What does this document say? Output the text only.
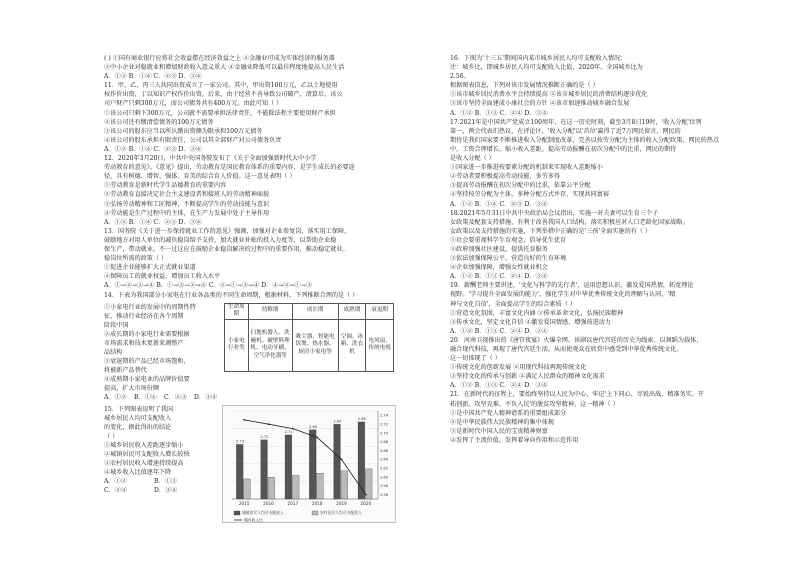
( ) ①国有商业银行应将社会效益摆在经济效益之上 ②金融业可成为实体经济的服务器
③中小企业对稳就业和增加财政收入意义重大 ④金融业降低可以最佳程度地提高人民生活
A．①② B．①④ C．②③ D．③④
11．甲、乙、丙三人共同出资成立了一家公司。其中，甲出资100万元，乙以土地使用
权作价出资，丁以知识产权作价出资，后来，由于经营不善导致公司破产，清算后，该公
司户财产只剩300万元，而公司债务共有400万元。由此可知（ ）
①该公司只剩下300万元，公司就不需要承担法律责任，不能除法程主要使用财产承担
②该公司还有缴清偿债务的100万元债务
③该公司的股东应当以所认缴出资额为限承担100万元债务
④该公司的股东承担有限责任，公司以其全部财产对公司债务负责
A．①② B．①④ C．②③ D．③④
12．2020年3月20日，中共中央国务院发布了《关于全面加强新时代大中小学
劳动教育的意见》。《意见》提出，劳动教育是国民教育体系的重要内容，是学生成长的必要途
径，具有树德、增智、强体、育美的综合育人价值。这一意见表明（ ）
①劳动教育是新时代学生品德教育的重要内容
②劳动教育直接决定社会主义建设者和接班人的劳动精神面貌
③弘扬劳动精神和工匠精神，不断提高学生的劳动技能与意识
④劳动能是生产过程中的主体，在生产力发展中处于主导作用
A．①② B．①④ C．②③ D．③④
13．国务院《关于进一步保持就业工作的意见》强调，加强对企业参复岗，落实用工保障，
鼓励地方对用人单位的减负稳岗给予支持，加大就业补贴的投入力度等，以帮助企业稳
保生产，带动就业。不一过这应在鼓励企业稳岗解决的过程中的重要作用，推动稳定就业。
稳岗位所需的政策（ ）
①促进企业能够扩大正式就业渠道
②保障员工的就业权益，增加员工收入水平
A．①→②→③→④ B．①→③→②→④ C．②→①→③→④ D．④→②→①→③
14．下表为我国部分小家电在行业各品类的不同生命周期，根据材料，下列推断合理的是（ ）
①小家电行业的发展中的周期性特
征，推动行业经济在各个周期
阶段中国
②成长期的小家电行业需要根据
市场需求和技术更新来调整产
品结构
③衰退期的产品已经市场饱和，
将被新产品替代
④成熟期小家电业的品牌价值要
提高，扩大市场份额
生命周期	幼稚期	成长期	成熟期	衰退期
小家电行业类	扫地机器人、洗碗机、破壁料理机、电动牙刷、空气净化器等	吸尘器、智能电饭煲、热水器、厨房小家电等	空调、冰箱、洗衣机	电风扇、传统电视
A．①②	B．①④	C．②③	D．③④
15．下列图表说明了我国
城乡居民人均可支配收入
的变化，据此得出的结论
（ ）
①城乡居民收入差距逐步缩小
②城镇居民可支配收入增长较快
③农村居民收入增速持续提高
④城乡收入比值逐年下降
A．①②	B．①③
C．②④	D．③④
2015
2.73
2016
2.72
2017
2.71
2018
2.69
2019
2.64
2020
2.56
2.74
2.72
2.70
2.68
2.66
2.64
2.62
2.60
2.58
2.56
城镇居民人均可支配收入	农村居民人均可支配收入
城乡收入比
16．下图为'十三五'期间国内某市城乡居民人均可支配收入情况：
注：城乡比，即城乡居民人均可支配收入比值，2020年，全国城乡比为
2.56。
根据图表信息，下列对该市发展情况推断正确的是（ ）
①该市城乡居民消费水平会持续提高 ②该市城乡居民的消费结构逐步优化
③该市坚持全面建成小康社会的方针 ④该市加速推动城乡融合发展
A．①② B．①③ C．②④ D．③④
17.2021年是中国共产党成立100周年，在这一历史时刻，截至3月8日19时，'收入分配'位列
第一，两会代表们热议，在评论区，'收入分配'以'首位'赢得了近7万网民留言，网民的
期待是我们国家要不断推进收入分配制度改革，完善以按劳分配为主体的收入分配政策，网民的热点
中，工资合理增长、缩小收入差距、提高劳动报酬在初次分配中的比重，网民的期待
是收入分配（ ）
①国家进一步推进按要素分配的机制来实现收入差距缩小
②劳动者要积极提高劳动技能，多劳多得
③提高劳动报酬在初次分配中的比重，依靠公平分配
④坚持按劳分配为主体，多种分配方式并存，实现共同富裕
A．①② B．①④ C．②③ D．③④
18.2021年5月31日中共中央政治局会议指出，实施一对夫妻可以生育三个子
女政策及配套支持措施，有利于改善我国人口结构，落实积极应对人口老龄化国家战略。
女政策以及支持措施的实施，下列举措中正确的是'三孩'全面实施的有（ ）
①社会要重视科学生育观念，倡导优生优育
②政府加强社区建设，提供托育服务
③依法加强保障公平，营造良好的生育环境
④企业加强保障，增强女性就业机会
A．①② B．①③ C．②④ D．③④
19．薪酬老师主要讲述，'文化与科学的先行者'，运用思想认识，激发爱国热情，拓宽理论
视野。'学习提升全面发展的能力'，强化学生对中华优秀传统文化的理解与认同，'精
神与文化自信'，全面提高学生的综合素质（ ）
①营造文化氛围，丰富文化内涵 ②传承革命文化，弘扬民族精神
③传承文化，坚定文化自信 ④激发爱国情感，增强前进动力
A．①② B．①③ C．②④ D．③④
20．河南卫视推出的《唐宫夜宴》火爆全网。该剧以唐代宫廷的历史为线索，以舞蹈为载体，
融合现代科技，再现了唐代宫廷生活。从而使观众在欣赏中感受到中华优秀传统文化。
这一切体现了（ ）
①传统文化的创新发展 ②用现代科技再现传统文化
③坚持文化的传承与创新 ④满足人民群众的精神文化需求
A．①② B．①③ C．②④ D．③④
21．在新时代的征程上，要始终坚持以人民为中心，牢记'上下同心、尽锐出战、精准务实、开
拓创新、攻坚克难、不负人民'的脱贫攻坚精神。这一精神（ ）
①是中国共产党人精神谱系的重要组成部分
②是中华民族伟大民族精神的集中体现
③是新时代中国人民的宝贵精神财富
④发挥了主流价值，发挥着导向作用和示范作用
